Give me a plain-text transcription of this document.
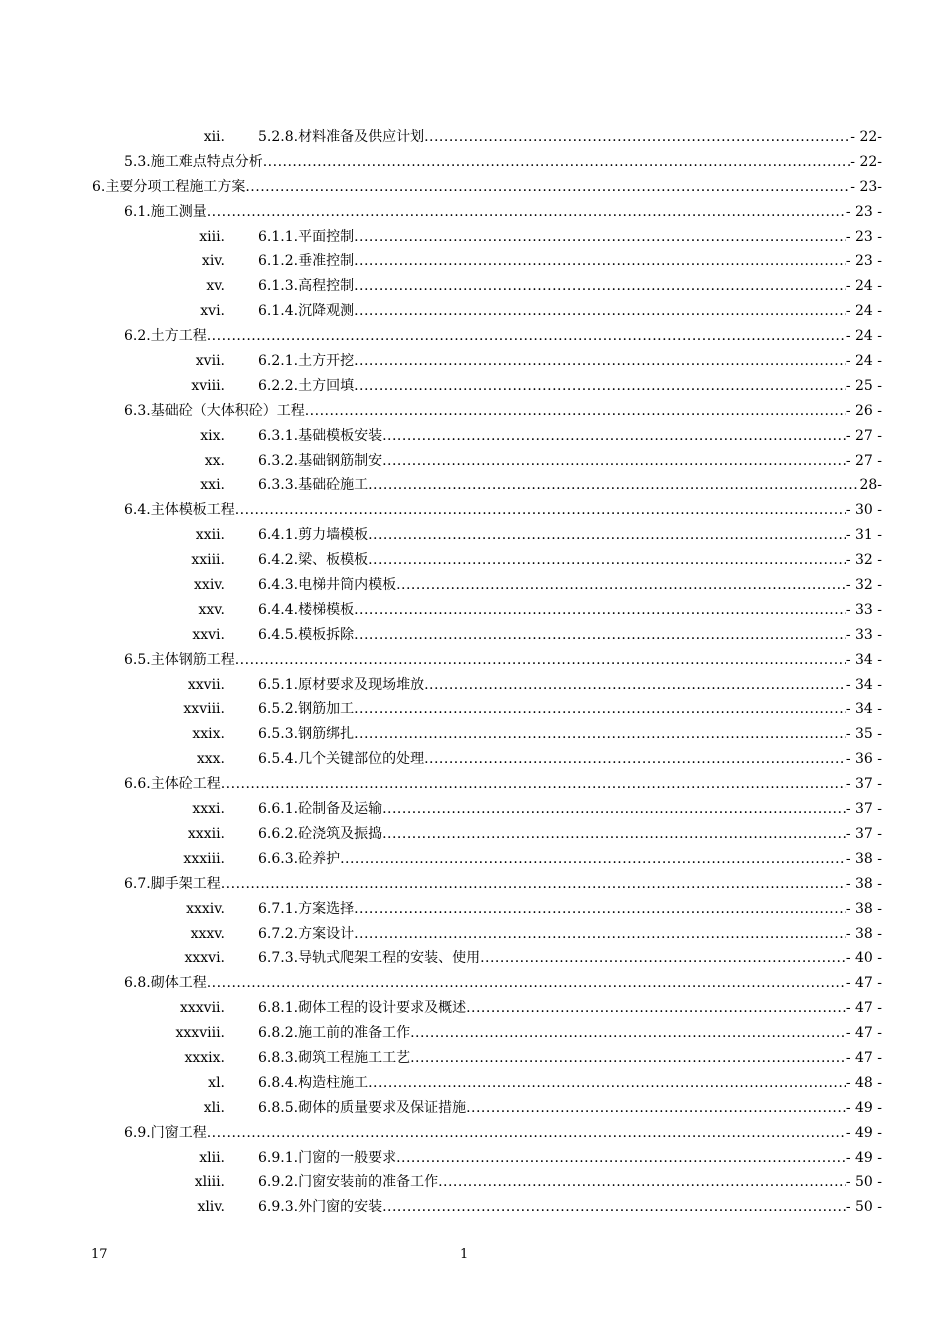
xii. 5.2.8. 材料准备及供应计划 .....	- 22-
5.3. 施工难点特点分析 .....	- 22-
6. 主要分项工程施工方案 .....	- 23-
6.1. 施工测量 .....	- 23 -
xiii. 6.1.1. 平面控制 .....	- 23 -
xiv. 6.1.2. 垂准控制 .....	- 23 -
xv. 6.1.3. 高程控制 .....	- 24 -
xvi. 6.1.4. 沉降观测 .....	- 24 -
6.2. 土方工程 .....	- 24 -
xvii. 6.2.1. 土方开挖 .....	- 24 -
xviii. 6.2.2. 土方回填 .....	- 25 -
6.3. 基础砼（大体积砼）工程 .....	- 26 -
xix. 6.3.1. 基础模板安装 .....	- 27 -
xx. 6.3.2. 基础钢筋制安 .....	- 27 -
xxi. 6.3.3. 基础砼施工 .....	28-
6.4. 主体模板工程 .....	- 30 -
xxii. 6.4.1. 剪力墙模板 .....	- 31 -
xxiii. 6.4.2. 梁、板模板 .....	- 32 -
xxiv. 6.4.3. 电梯井筒内模板 .....	- 32 -
xxv. 6.4.4. 楼梯模板 .....	- 33 -
xxvi. 6.4.5. 模板拆除 .....	- 33 -
6.5. 主体钢筋工程 .....	- 34 -
xxvii. 6.5.1. 原材要求及现场堆放 .....	- 34 -
xxviii. 6.5.2. 钢筋加工 .....	- 34 -
xxix. 6.5.3. 钢筋绑扎 .....	- 35 -
xxx. 6.5.4. 几个关键部位的处理 .....	- 36 -
6.6. 主体砼工程 .....	- 37 -
xxxi. 6.6.1. 砼制备及运输 .....	- 37 -
xxxii. 6.6.2. 砼浇筑及振捣 .....	- 37 -
xxxiii. 6.6.3. 砼养护 .....	- 38 -
6.7. 脚手架工程 .....	- 38 -
xxxiv. 6.7.1. 方案选择 .....	- 38 -
xxxv. 6.7.2. 方案设计 .....	- 38 -
xxxvi. 6.7.3. 导轨式爬架工程的安装、使用 .....	- 40 -
6.8. 砌体工程 .....	- 47 -
xxxvii. 6.8.1. 砌体工程的设计要求及概述 .....	- 47 -
xxxviii. 6.8.2. 施工前的准备工作 .....	- 47 -
xxxix. 6.8.3. 砌筑工程施工工艺 .....	- 47 -
xl. 6.8.4. 构造柱施工 .....	- 48 -
xli. 6.8.5. 砌体的质量要求及保证措施 .....	- 49 -
6.9. 门窗工程 .....	- 49 -
xlii. 6.9.1. 门窗的一般要求 .....	- 49 -
xliii. 6.9.2. 门窗安装前的准备工作 .....	- 50 -
xliv. 6.9.3. 外门窗的安装 .....	- 50 -
17	1
